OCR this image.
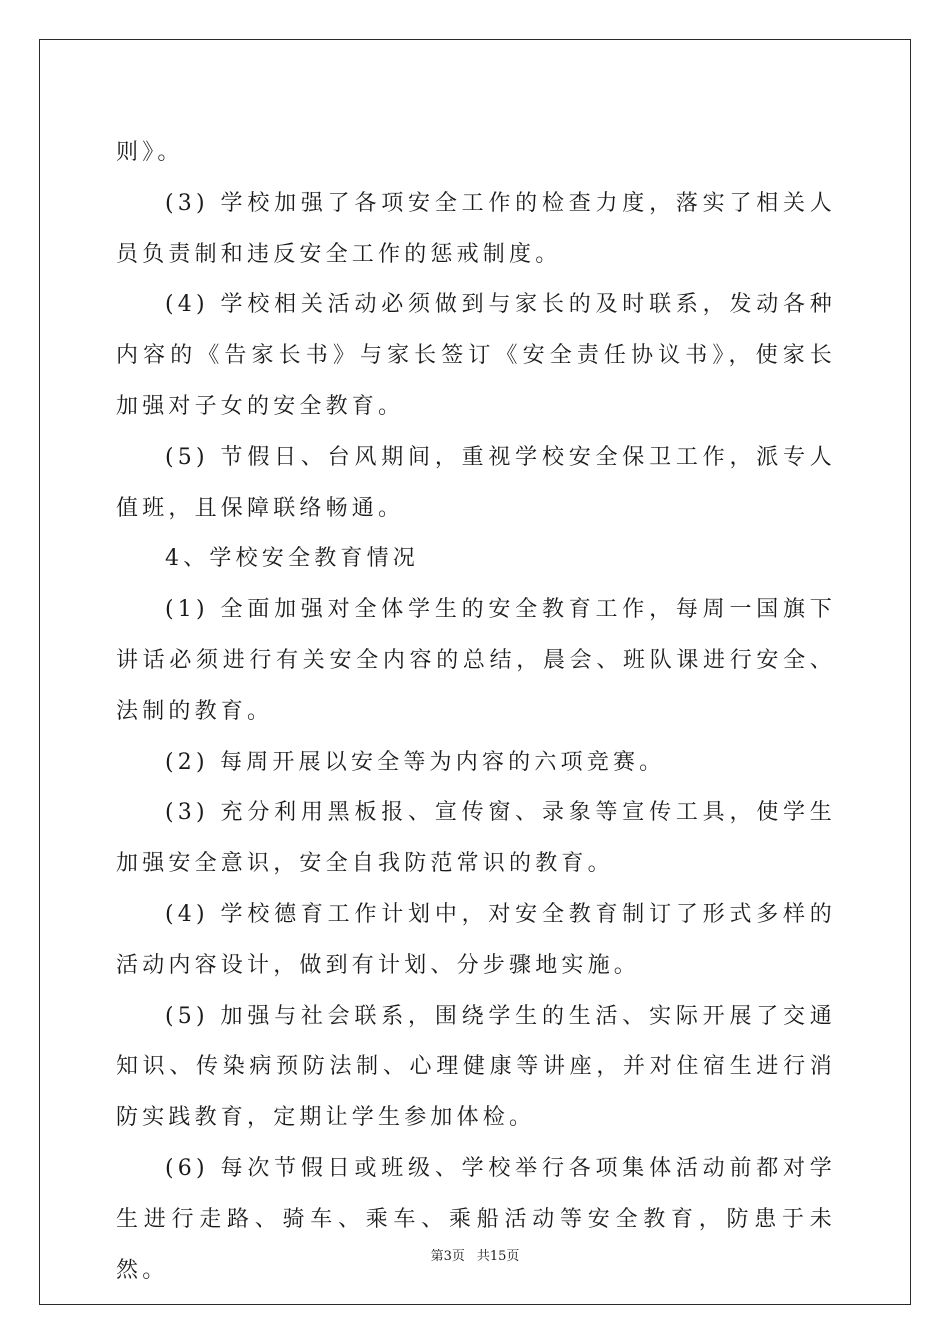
则》。

(3) 学校加强了各项安全工作的检查力度，落实了相关人员负责制和违反安全工作的惩戒制度。

(4) 学校相关活动必须做到与家长的及时联系，发动各种内容的《告家长书》与家长签订《安全责任协议书》，使家长加强对子女的安全教育。

(5) 节假日、台风期间，重视学校安全保卫工作，派专人值班，且保障联络畅通。

4、学校安全教育情况

(1) 全面加强对全体学生的安全教育工作，每周一国旗下讲话必须进行有关安全内容的总结，晨会、班队课进行安全、法制的教育。

(2) 每周开展以安全等为内容的六项竞赛。

(3) 充分利用黑板报、宣传窗、录象等宣传工具，使学生加强安全意识，安全自我防范常识的教育。

(4) 学校德育工作计划中，对安全教育制订了形式多样的活动内容设计，做到有计划、分步骤地实施。

(5) 加强与社会联系，围绕学生的生活、实际开展了交通知识、传染病预防法制、心理健康等讲座，并对住宿生进行消防实践教育，定期让学生参加体检。

(6) 每次节假日或班级、学校举行各项集体活动前都对学生进行走路、骑车、乘车、乘船活动等安全教育，防患于未然。

第3页 共15页
